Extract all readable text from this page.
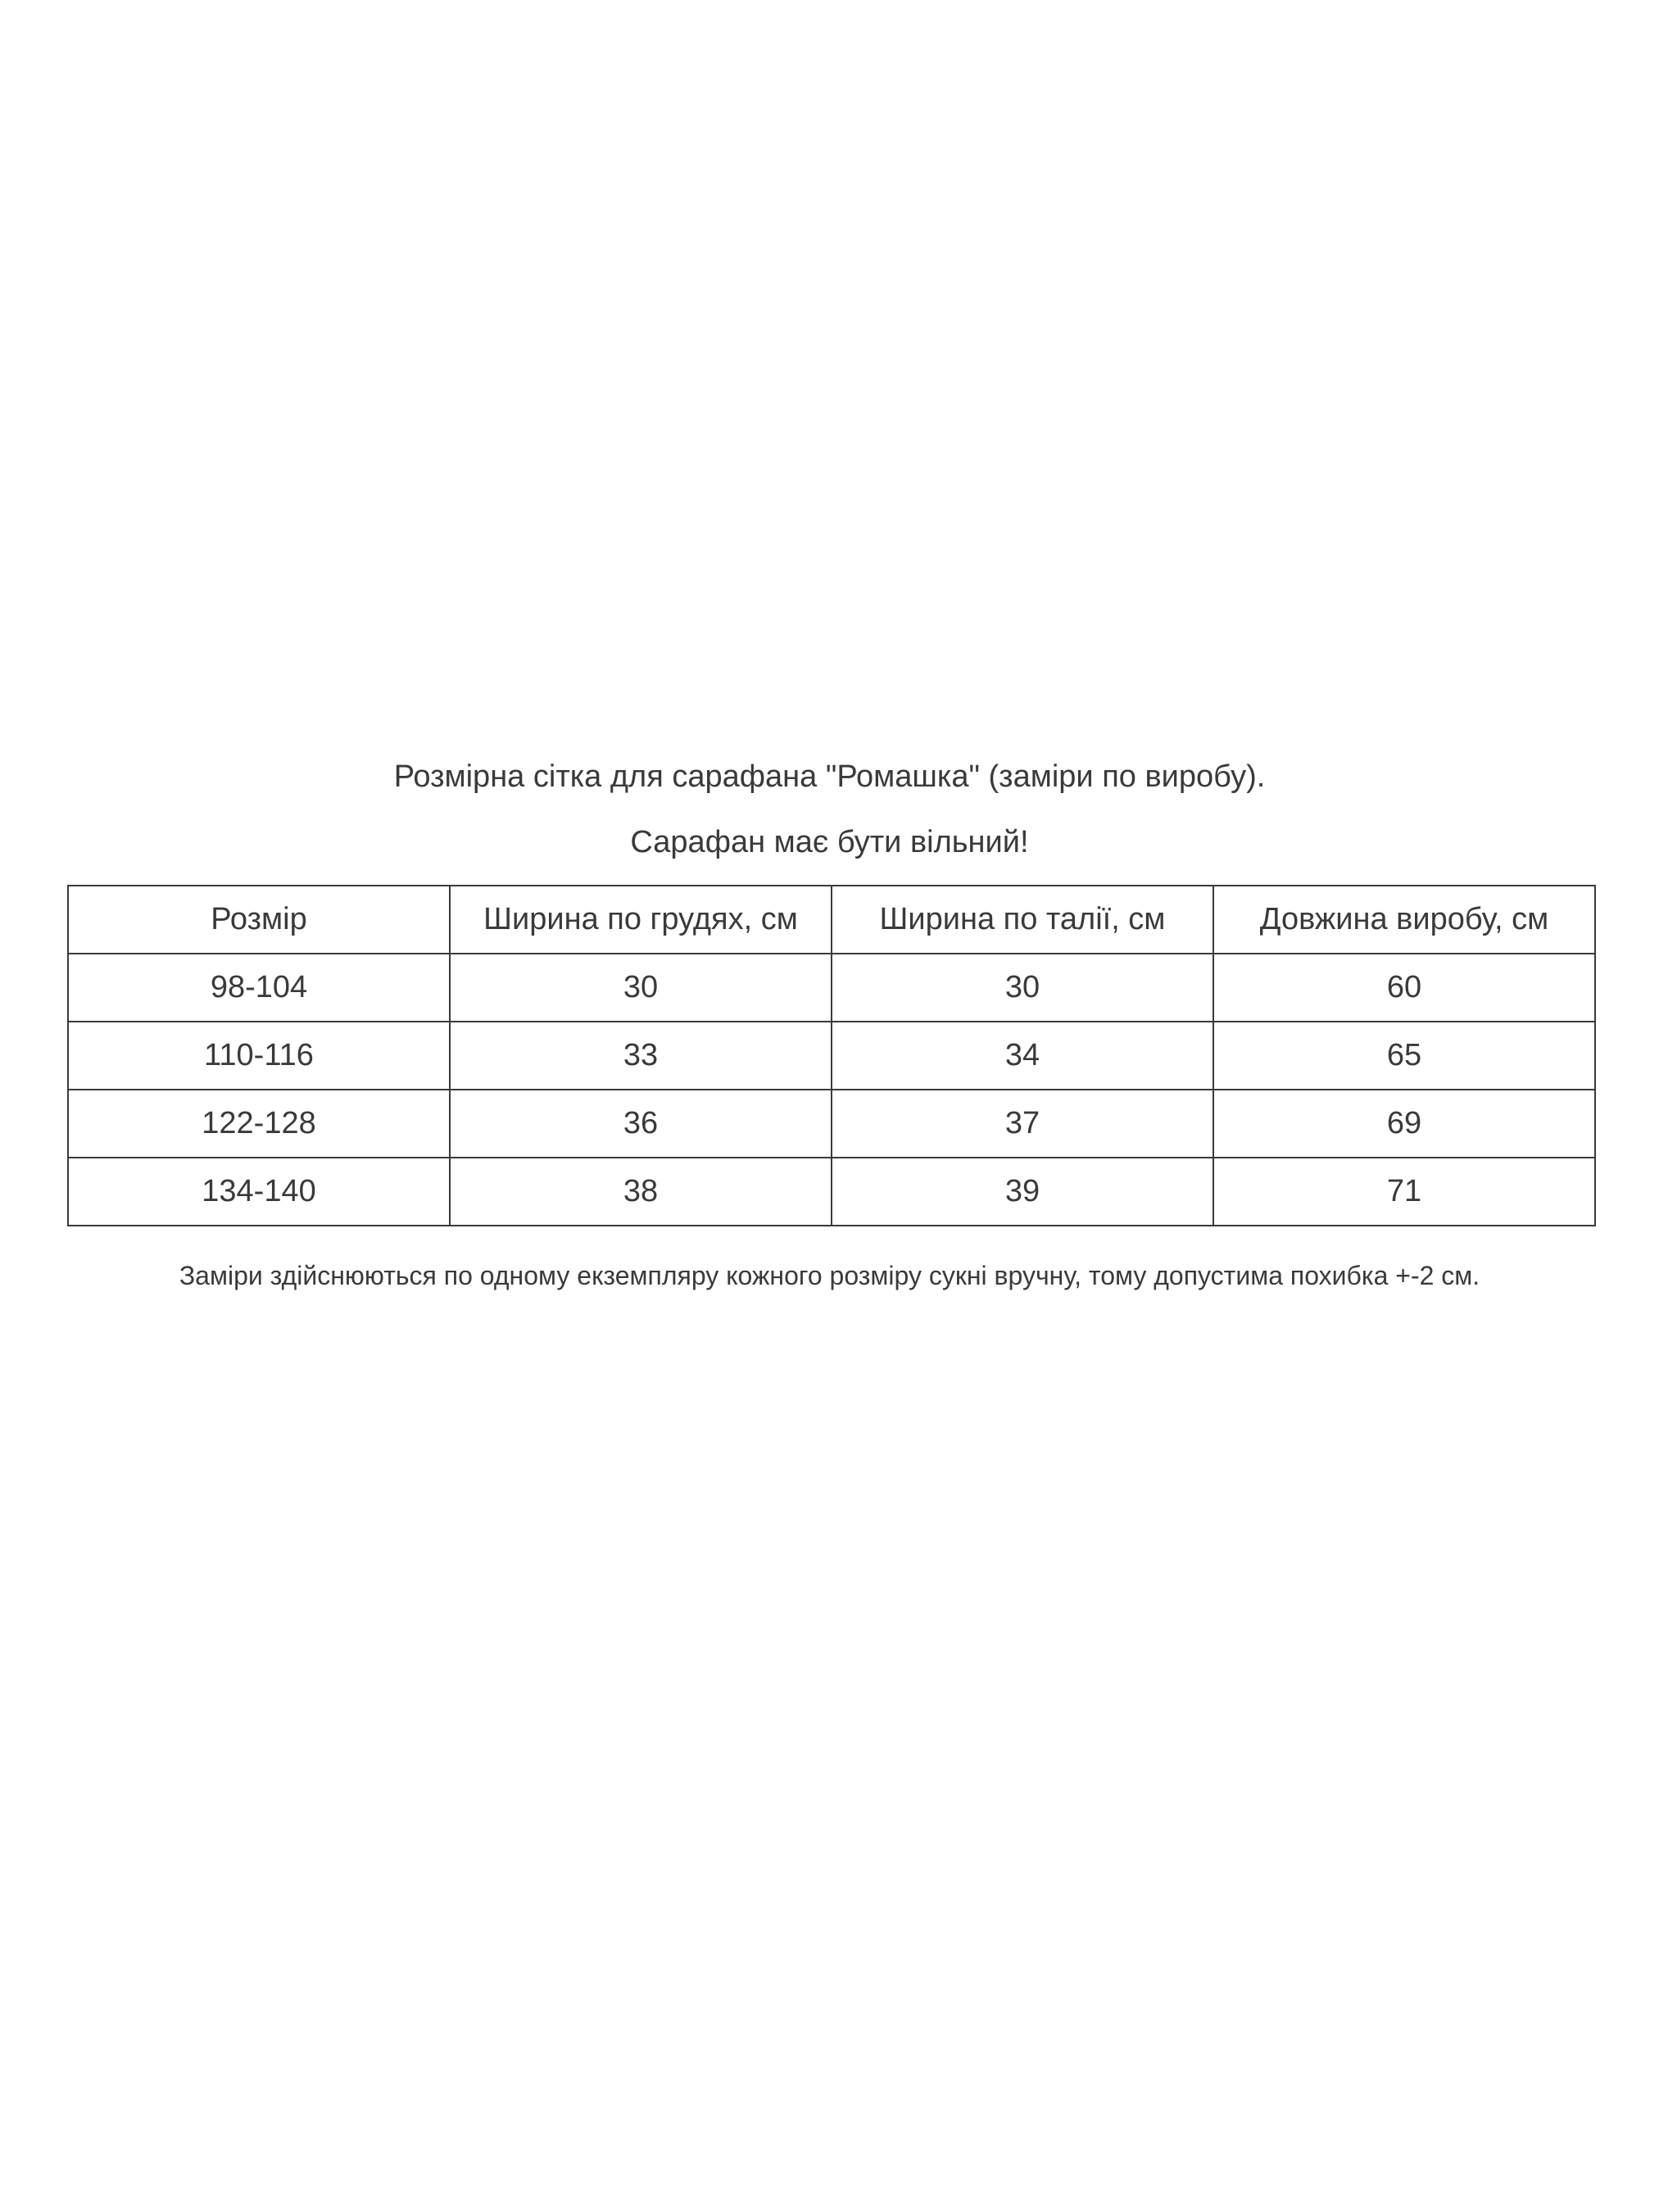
Розмірна сітка для сарафана "Ромашка" (заміри по виробу).

Сарафан має бути вільний!

Розмір	Ширина по грудях, см	Ширина по талії, см	Довжина виробу, см
98-104	30	30	60
110-116	33	34	65
122-128	36	37	69
134-140	38	39	71

Заміри здійснюються по одному екземпляру кожного розміру сукні вручну, тому допустима похибка +-2 см.
